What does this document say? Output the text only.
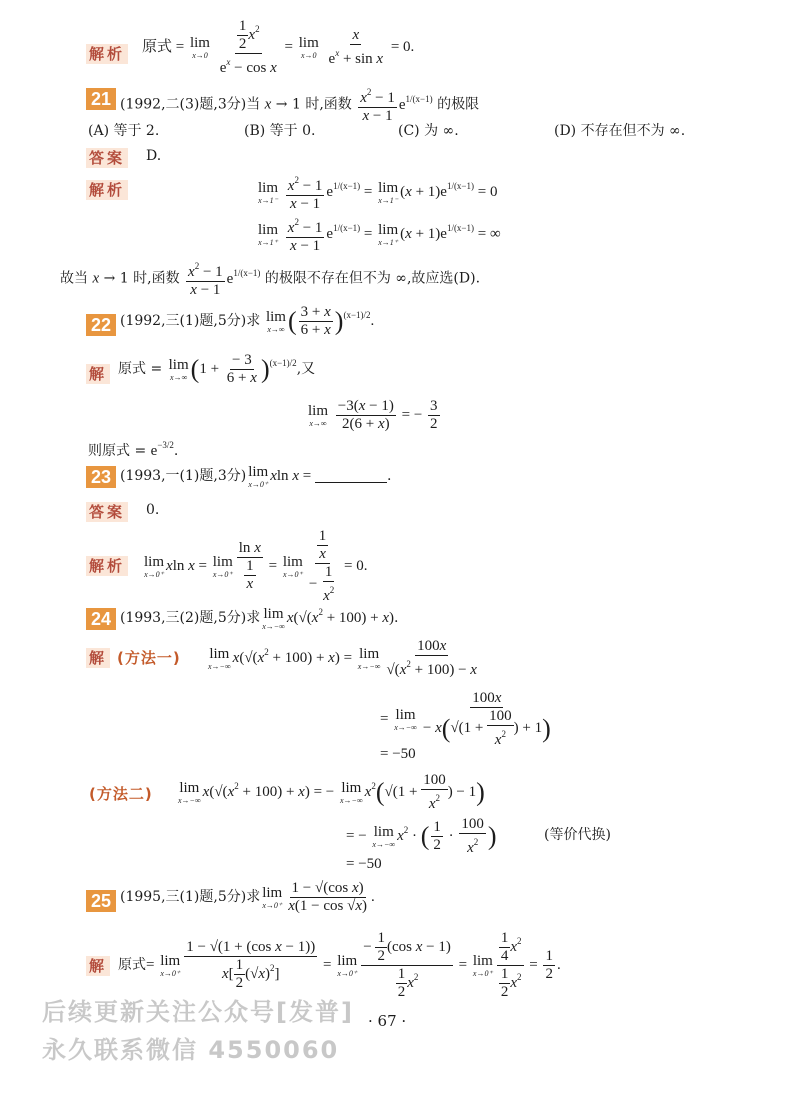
解析 原式 = lim
x→0
$\frac{\frac{1}{2} x^2}{e^x - \cos x} = \lim$
x→0
$\frac{x}{e^x + \sin x} = 0$.
21 (1992,二(3)题,3分)当 x → 1 时,函数 $\frac{x^2 - 1}{x - 1} e^{1/(x-1)}$ 的极限
(A) 等于 2.	(B) 等于 0.	(C) 为 ∞.	(D) 不存在但不为 ∞.
答案 D.
解析	lim
x→1⁻
$\frac{x^2 - 1}{x - 1} e^{1/(x-1)} = \lim$
x→1⁻
$(x + 1)e^{1/(x-1)} = 0$
lim
x→1⁺
$\frac{x^2 - 1}{x - 1} e^{1/(x-1)} = \lim$
x→1⁺
$(x + 1)e^{1/(x-1)}$ = ∞
故当 x → 1 时,函数 $\frac{x^2 - 1}{x - 1} e^{1/(x-1)}$ 的极限不存在但不为 ∞,故应选(D).
22 (1992,三(1)题,5分)求 lim
x→∞ ( $\frac{3 + x}{6 + x} )^{(x-1)/2}$.
解 原式 = lim
x→∞ $(1 + \frac{- 3}{6 + x} )^{(x-1)/2}$,又
lim
x→∞
$\frac{-3(x - 1)}{2(6 + x)}$ = − $\frac{3}{2}$
则原式 = $e^{-3/2}$.
23 (1993,一(1)题,3分) lim
x→0⁺
xln x =	.
答案 0.
解析 lim
x→0⁺
xln x = lim
$x\to 0^+ \frac{\text{ln x}}{\frac{1}{x}} = \lim$
$x\to 0^+ \frac{\frac{1}{x}}{- \frac{1}{x^2}} = 0$.
24 (1993,三(2)题,5分)求 lim
x→−∞
$x(√(x^2 + 100) + x)$.
解 (方法一) lim
x→−∞
$x(√(x^2 + 100) + x) = \lim$
$x\to-\infty \frac{100x}{√(x^2 + 100) - x}$
= lim
$x\to-\infty \frac{100x}{- x(√(1 + \frac{100}{x^2} ) + 1)}$
= −50
(方法二) lim
x→−∞
$x(√(x^2 + 100) + x)$ = − lim
x→−∞
$x^2(√(1 + \frac{100}{x^2}$ ) − 1)
= − lim
x→−∞
$x^2$ · ( $\frac{1}{2} \cdot \frac{100}{x^2}$ )	(等价代换)
= −50
25 (1995,三(1)题,5分)求 lim
$x\to 0^+ \frac{\text{1 − √(cos x)}}{x(1 - \cos √x)}$ .
解 原式= lim
$x\to 0^+ \frac{\text{1 − √(1 + (cos x − 1))}}{x[ \frac{1}{2} (√x)^2]} = \lim$
$x\to 0^+ \frac{- \frac{1}{2} (\cos x - 1)}{\frac{1}{2} x^2} = \lim$
$x\to 0^+ \frac{\frac{1}{4} x^2}{\frac{1}{2} x^2} = \frac{1}{2}$ .
· 67 ·
后续更新关注公众号[发普]
永久联系微信 4550060
